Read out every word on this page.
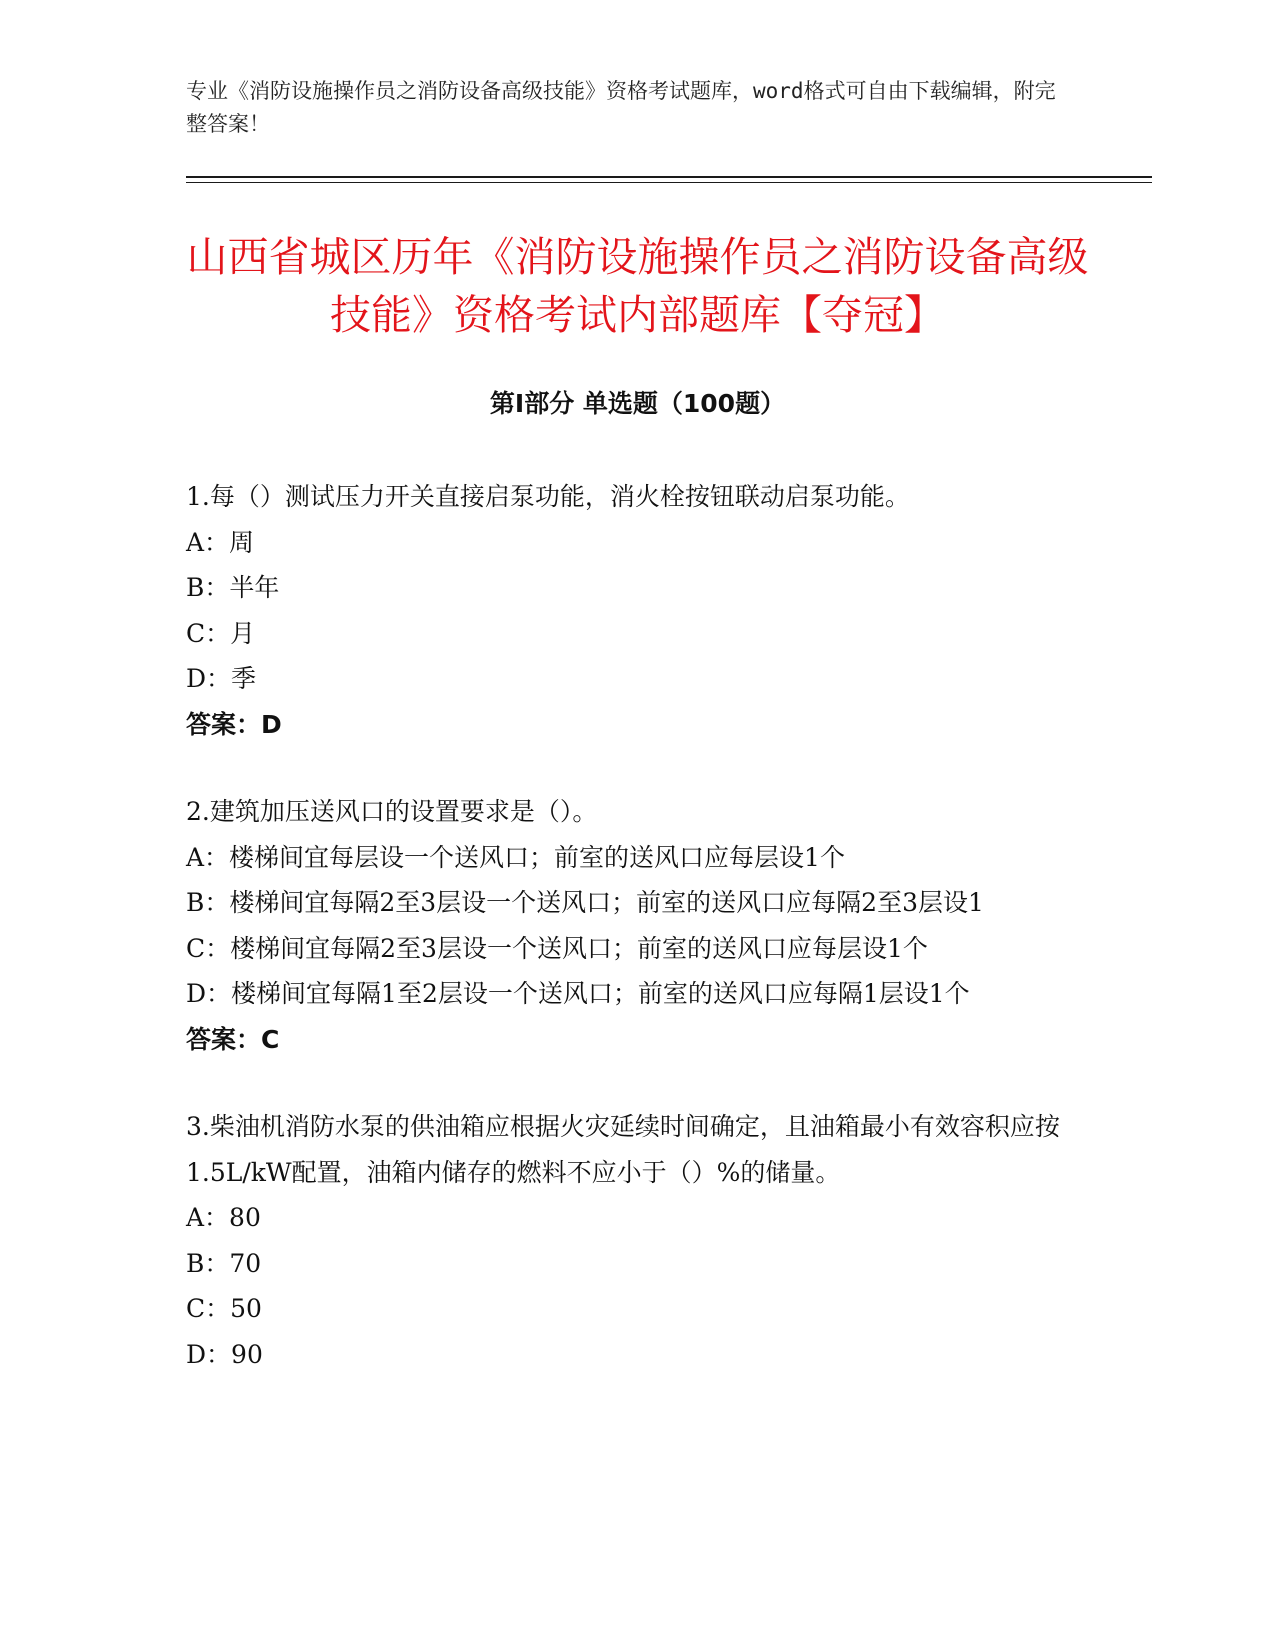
专业《消防设施操作员之消防设备高级技能》资格考试题库，word格式可自由下载编辑，附完整答案！
山西省城区历年《消防设施操作员之消防设备高级技能》资格考试内部题库【夺冠】
第Ⅰ部分 单选题（100题）
1.每（）测试压力开关直接启泵功能，消火栓按钮联动启泵功能。
A：周
B：半年
C：月
D：季
答案：D
2.建筑加压送风口的设置要求是（）。
A：楼梯间宜每层设一个送风口；前室的送风口应每层设1个
B：楼梯间宜每隔2至3层设一个送风口；前室的送风口应每隔2至3层设1
C：楼梯间宜每隔2至3层设一个送风口；前室的送风口应每层设1个
D：楼梯间宜每隔1至2层设一个送风口；前室的送风口应每隔1层设1个
答案：C
3.柴油机消防水泵的供油箱应根据火灾延续时间确定，且油箱最小有效容积应按1.5L/kW配置，油箱内储存的燃料不应小于（）%的储量。
A：80
B：70
C：50
D：90
